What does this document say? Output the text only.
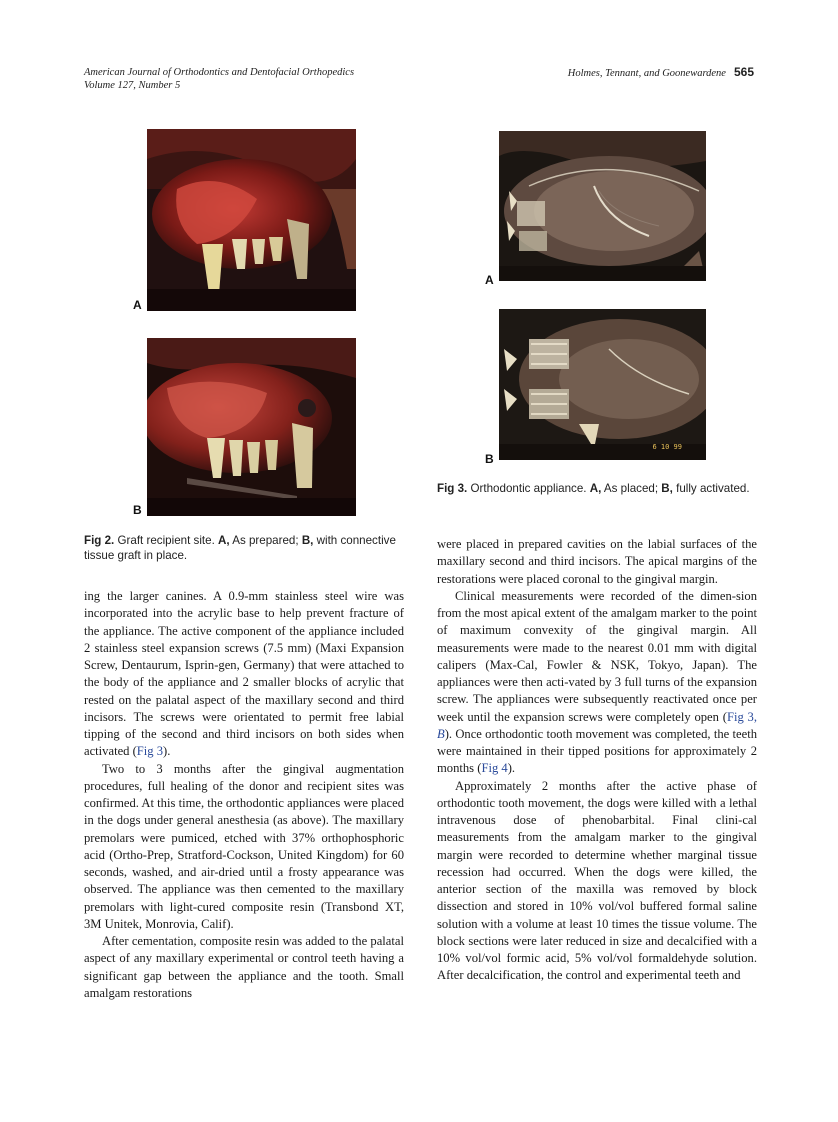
American Journal of Orthodontics and Dentofacial Orthopedics
Volume 127, Number 5
Holmes, Tennant, and Goonewardene 565
A
B
Fig 2. Graft recipient site. A, As prepared; B, with connective tissue graft in place.
A
6 10 99
B
Fig 3. Orthodontic appliance. A, As placed; B, fully activated.

ing the larger canines. A 0.9-mm stainless steel wire was incorporated into the acrylic base to help prevent fracture of the appliance. The active component of the appliance included 2 stainless steel expansion screws (7.5 mm) (Maxi Expansion Screw, Dentaurum, Isprin-gen, Germany) that were attached to the body of the appliance and 2 smaller blocks of acrylic that rested on the palatal aspect of the maxillary second and third incisors. The screws were orientated to permit free labial tipping of the second and third incisors on both sides when activated (Fig 3).

Two to 3 months after the gingival augmentation procedures, full healing of the donor and recipient sites was confirmed. At this time, the orthodontic appliances were placed in the dogs under general anesthesia (as above). The maxillary premolars were pumiced, etched with 37% orthophosphoric acid (Ortho-Prep, Stratford-Cockson, United Kingdom) for 60 seconds, washed, and air-dried until a frosty appearance was observed. The appliance was then cemented to the maxillary premolars with light-cured composite resin (Transbond XT, 3M Unitek, Monrovia, Calif).

After cementation, composite resin was added to the palatal aspect of any maxillary experimental or control teeth having a significant gap between the appliance and the tooth. Small amalgam restorations

were placed in prepared cavities on the labial surfaces of the maxillary second and third incisors. The apical margins of the restorations were placed coronal to the gingival margin.

Clinical measurements were recorded of the dimen-sion from the most apical extent of the amalgam marker to the point of maximum convexity of the gingival margin. All measurements were made to the nearest 0.01 mm with digital calipers (Max-Cal, Fowler & NSK, Tokyo, Japan). The appliances were then acti-vated by 3 full turns of the expansion screw. The appliances were subsequently reactivated once per week until the expansion screws were completely open (Fig 3, B). Once orthodontic tooth movement was completed, the teeth were maintained in their tipped positions for approximately 2 months (Fig 4).

Approximately 2 months after the active phase of orthodontic tooth movement, the dogs were killed with a lethal intravenous dose of phenobarbital. Final clini-cal measurements from the amalgam marker to the gingival margin were recorded to determine whether marginal tissue recession had occurred. When the dogs were killed, the anterior section of the maxilla was removed by block dissection and stored in 10% vol/vol buffered formal saline solution with a volume at least 10 times the tissue volume. The block sections were later reduced in size and decalcified with a 10% vol/vol formic acid, 5% vol/vol formaldehyde solution. After decalcification, the control and experimental teeth and
